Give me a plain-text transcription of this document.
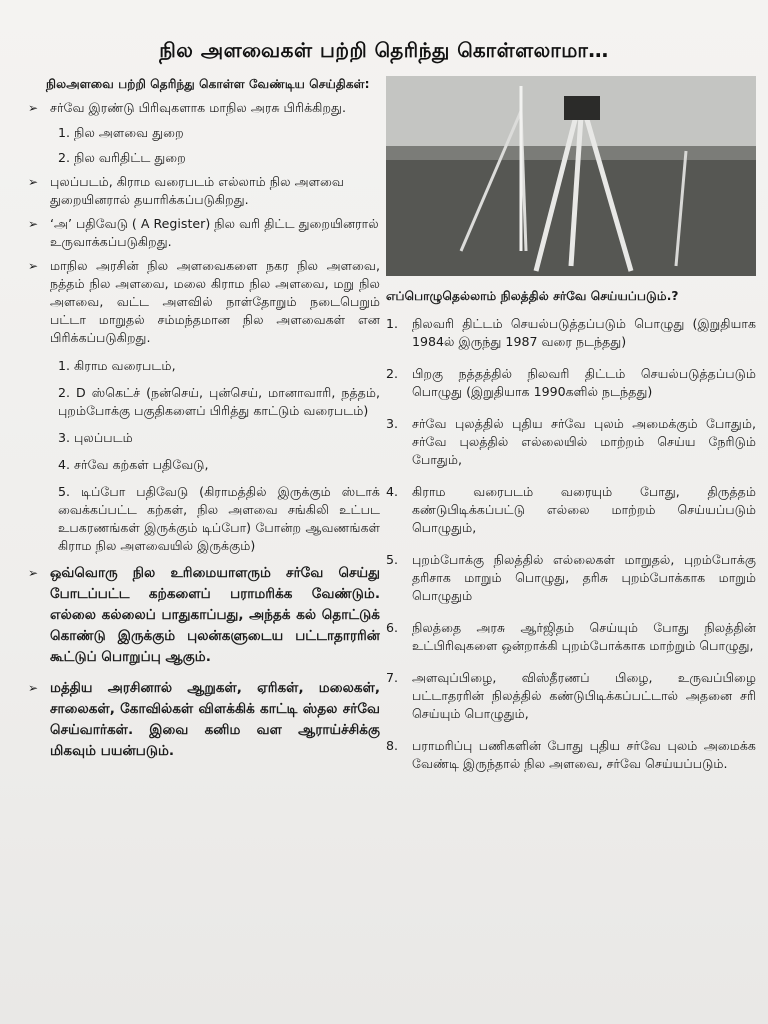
நில அளவைகள் பற்றி தெரிந்து கொள்ளலாமா…
நிலஅளவை பற்றி தெரிந்து கொள்ள வேண்டிய செய்திகள்:
➢ சர்வே இரண்டு பிரிவுகளாக மாநில அரசு பிரிக்கிறது.
1. நில அளவை துறை
2. நில வரிதிட்ட துறை
➢ புலப்படம், கிராம வரைபடம் எல்லாம் நில அளவை துறையினரால் தயாரிக்கப்படுகிறது.
➢ ‘அ’ பதிவேடு ( A Register) நில வரி திட்ட துறையினரால் உருவாக்கப்படுகிறது.
➢ மாநில அரசின் நில அளவைகளை நகர நில அளவை, நத்தம் நில அளவை, மலை கிராம நில அளவை, மறு நில அளவை, வட்ட அளவில் நாள்தோறும் நடைபெறும் பட்டா மாறுதல் சம்மந்தமான நில அளவைகள் என பிரிக்கப்படுகிறது.
1. கிராம வரைபடம்,
2. D ஸ்கெட்ச் (நன்செய், புன்செய், மானாவாரி, நத்தம், புறம்போக்கு பகுதிகளைப் பிரித்து காட்டும் வரைபடம்)
3. புலப்படம்
4. சர்வே கற்கள் பதிவேடு,
5. டிப்போ பதிவேடு (கிராமத்தில் இருக்கும் ஸ்டாக் வைக்கப்பட்ட கற்கள், நில அளவை சங்கிலி உட்பட உபகரணங்கள் இருக்கும் டிப்போ) போன்ற ஆவணங்கள் கிராம நில அளவையில் இருக்கும்)
➢ ஒவ்வொரு நில உரிமையாளரும் சர்வே செய்து போடப்பட்ட கற்களைப் பராமரிக்க வேண்டும். எல்லை கல்லைப் பாதுகாப்பது, அந்தக் கல் தொட்டுக் கொண்டு இருக்கும் புலன்களுடைய பட்டாதாரரின் கூட்டுப் பொறுப்பு ஆகும்.
➢ மத்திய அரசினால் ஆறுகள், ஏரிகள், மலைகள், சாலைகள், கோவில்கள் விளக்கிக் காட்டி ஸ்தல சர்வே செய்வார்கள். இவை கனிம வள ஆராய்ச்சிக்கு மிகவும் பயன்படும்.
எப்பொழுதெல்லாம் நிலத்தில் சர்வே செய்யப்படும்.?
1.	நிலவரி திட்டம் செயல்படுத்தப்படும் பொழுது (இறுதியாக 1984ல் இருந்து 1987 வரை நடந்தது)
2.	பிறகு நத்தத்தில் நிலவரி திட்டம் செயல்படுத்தப்படும் பொழுது (இறுதியாக 1990களில் நடந்தது)
3.	சர்வே புலத்தில் புதிய சர்வே புலம் அமைக்கும் போதும், சர்வே புலத்தில் எல்லையில் மாற்றம் செய்ய நேரிடும் போதும்,
4.	கிராம வரைபடம் வரையும் போது, திருத்தம் கண்டுபிடிக்கப்பட்டு எல்லை மாற்றம் செய்யப்படும் பொழுதும்,
5.	புறம்போக்கு நிலத்தில் எல்லைகள் மாறுதல், புறம்போக்கு தரிசாக மாறும் பொழுது, தரிசு புறம்போக்காக மாறும் பொழுதும்
6.	நிலத்தை அரசு ஆர்ஜிதம் செய்யும் போது நிலத்தின் உட்பிரிவுகளை ஒன்றாக்கி புறம்போக்காக மாற்றும் பொழுது,
7.	அளவுப்பிழை, விஸ்தீரணப் பிழை, உருவப்பிழை பட்டாதரரின் நிலத்தில் கண்டுபிடிக்கப்பட்டால் அதனை சரி செய்யும் பொழுதும்,
8.	பராமரிப்பு பணிகளின் போது புதிய சர்வே புலம் அமைக்க வேண்டி இருந்தால் நில அளவை, சர்வே செய்யப்படும்.
